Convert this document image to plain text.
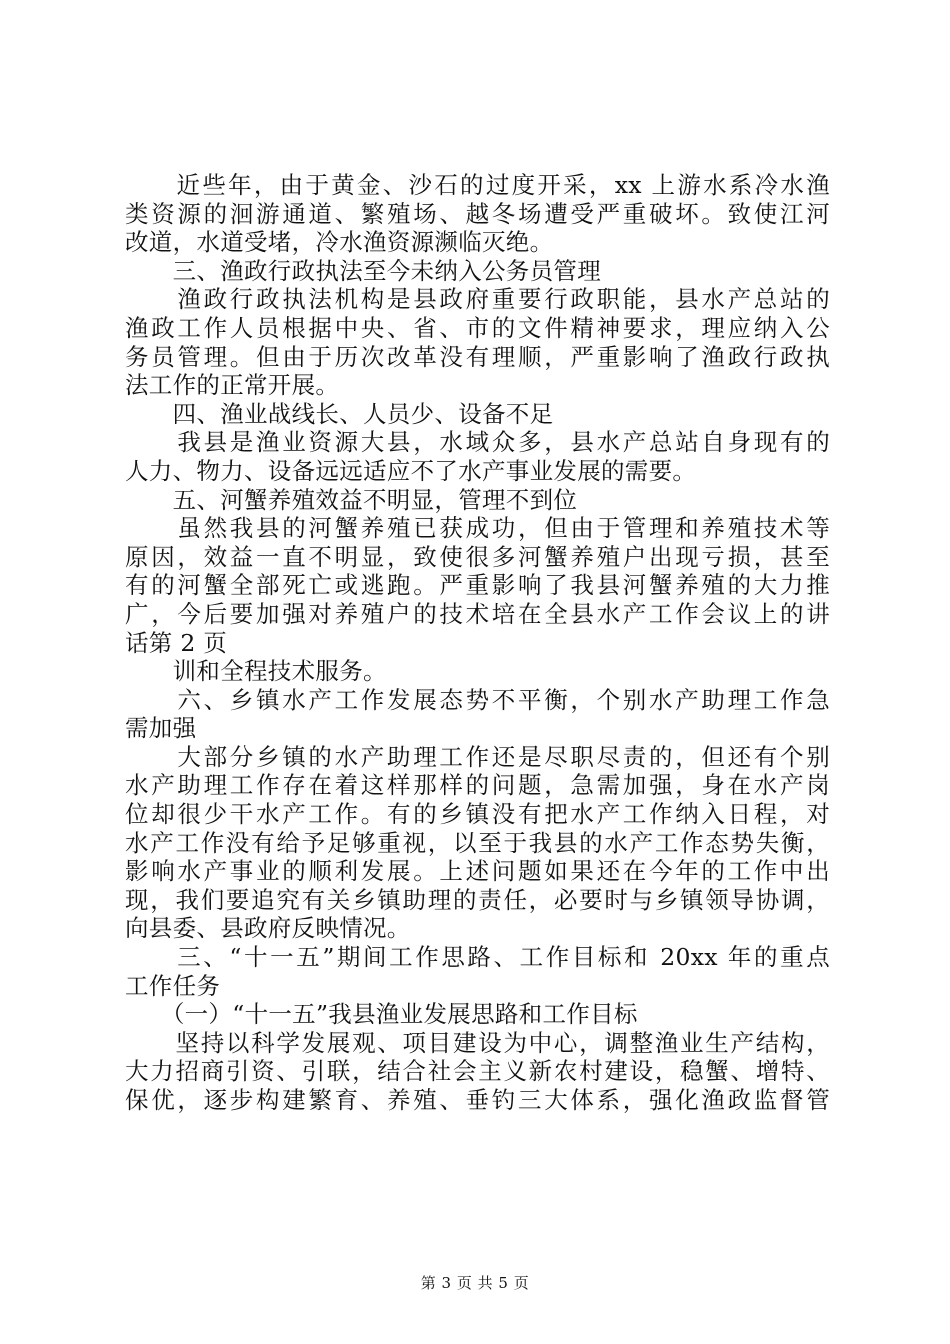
　　近些年，由于黄金、沙石的过度开采，xx 上游水系冷水渔
类资源的洄游通道、繁殖场、越冬场遭受严重破坏。致使江河
改道，水道受堵，冷水渔资源濒临灭绝。
　　三、渔政行政执法至今未纳入公务员管理
　　渔政行政执法机构是县政府重要行政职能，县水产总站的
渔政工作人员根据中央、省、市的文件精神要求，理应纳入公
务员管理。但由于历次改革没有理顺，严重影响了渔政行政执
法工作的正常开展。
　　四、渔业战线长、人员少、设备不足
　　我县是渔业资源大县，水域众多，县水产总站自身现有的
人力、物力、设备远远适应不了水产事业发展的需要。
　　五、河蟹养殖效益不明显，管理不到位
　　虽然我县的河蟹养殖已获成功，但由于管理和养殖技术等
原因，效益一直不明显，致使很多河蟹养殖户出现亏损，甚至
有的河蟹全部死亡或逃跑。严重影响了我县河蟹养殖的大力推
广，今后要加强对养殖户的技术培在全县水产工作会议上的讲
话第 2 页
　　训和全程技术服务。
　　六、乡镇水产工作发展态势不平衡，个别水产助理工作急
需加强
　　大部分乡镇的水产助理工作还是尽职尽责的，但还有个别
水产助理工作存在着这样那样的问题，急需加强，身在水产岗
位却很少干水产工作。有的乡镇没有把水产工作纳入日程，对
水产工作没有给予足够重视，以至于我县的水产工作态势失衡，
影响水产事业的顺利发展。上述问题如果还在今年的工作中出
现，我们要追究有关乡镇助理的责任，必要时与乡镇领导协调，
向县委、县政府反映情况。
　　三、“十一五”期间工作思路、工作目标和 20xx 年的重点
工作任务
　　（一）“十一五”我县渔业发展思路和工作目标
　　坚持以科学发展观、项目建设为中心，调整渔业生产结构，
大力招商引资、引联，结合社会主义新农村建设，稳蟹、增特、
保优，逐步构建繁育、养殖、垂钓三大体系，强化渔政监督管
第 3 页 共 5 页
